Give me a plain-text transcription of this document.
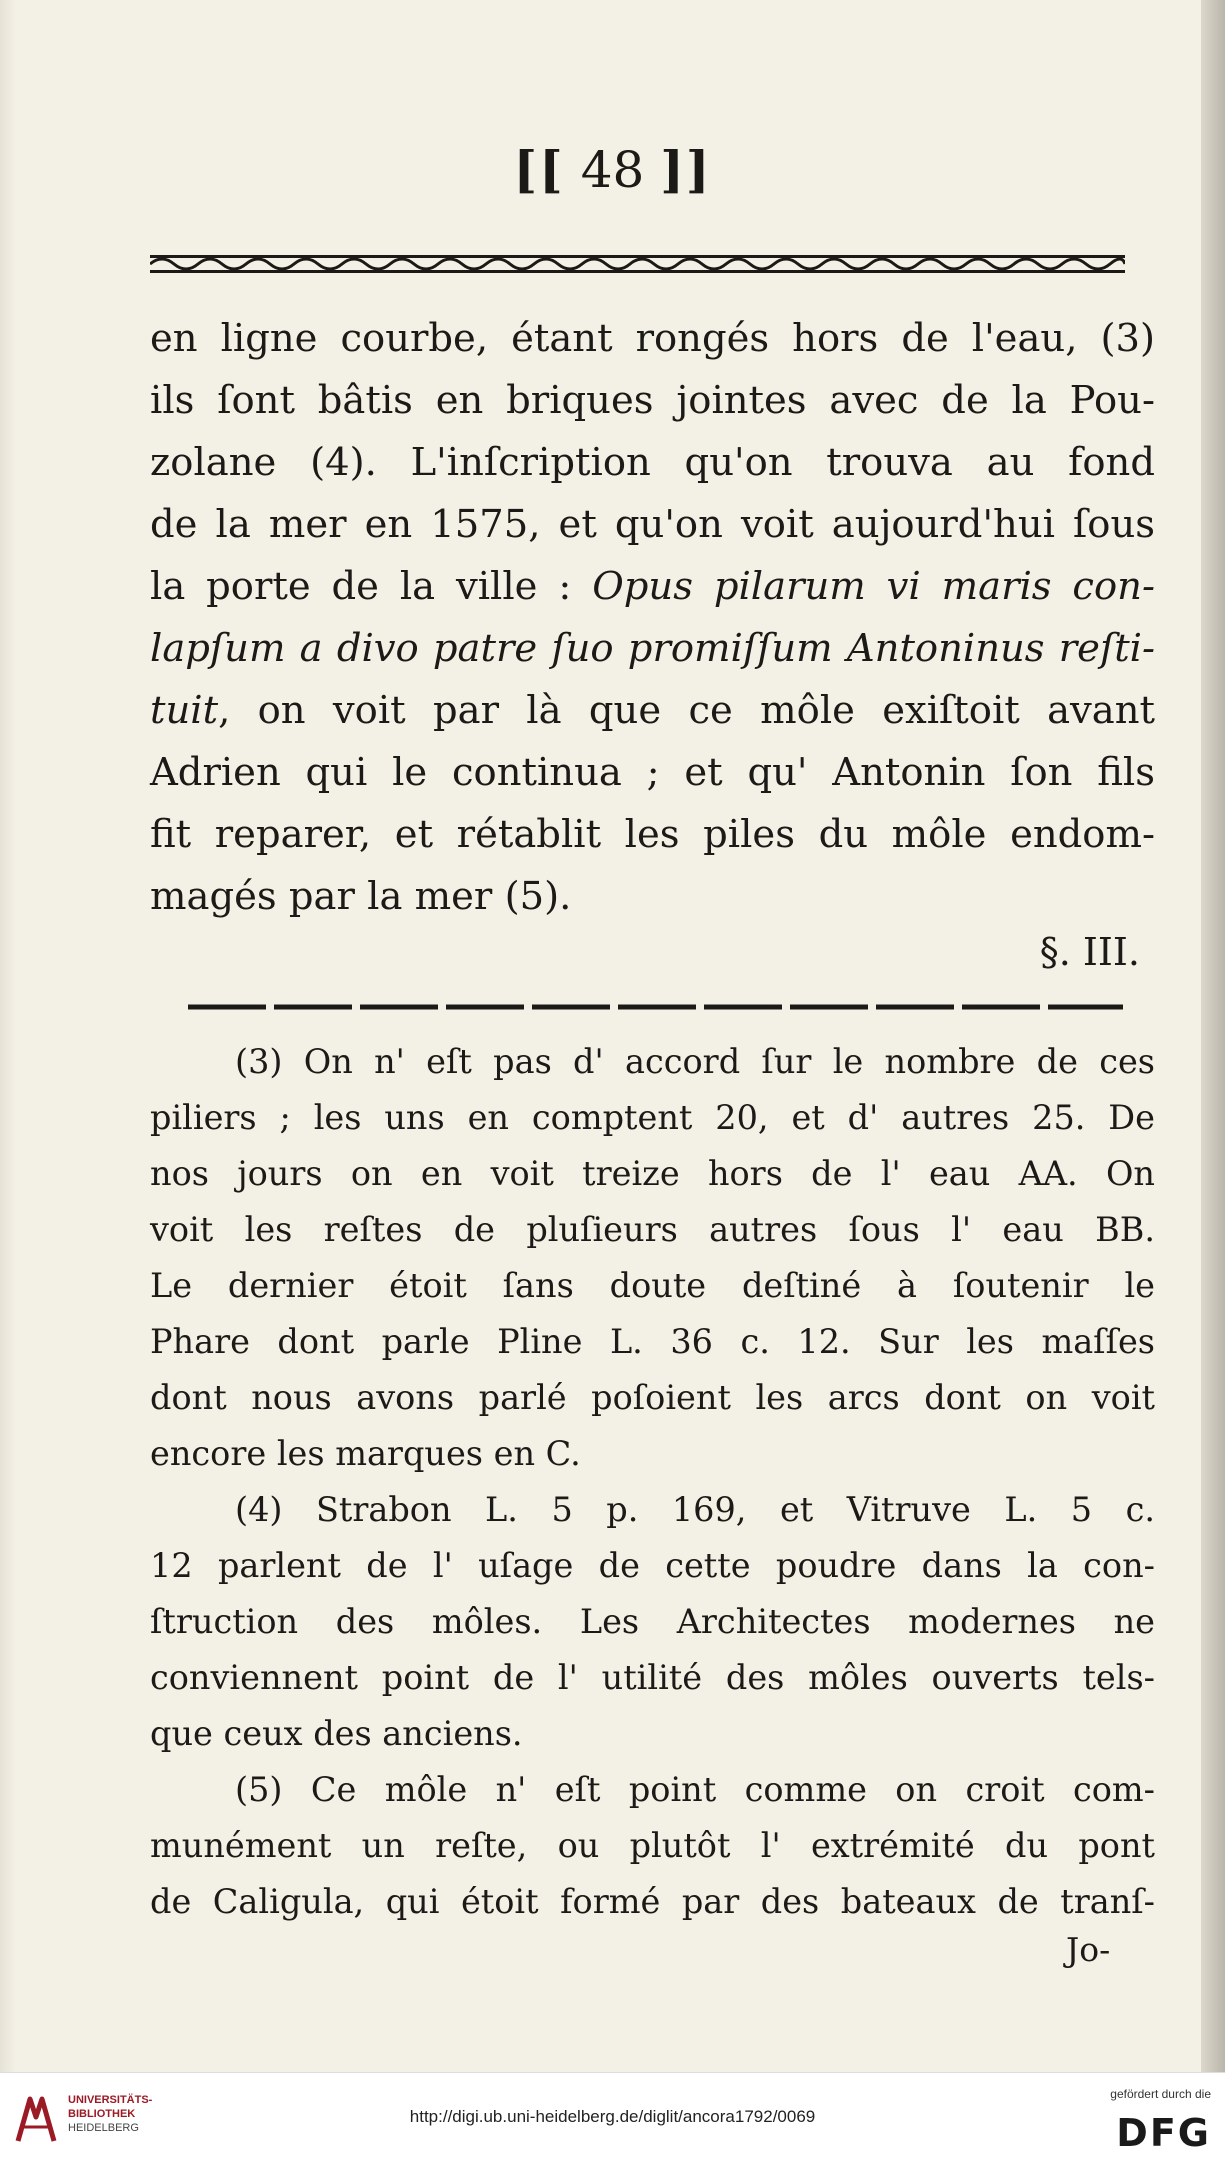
[[ 48 ]]
en ligne courbe, étant rongés hors de l'eau, (3)
ils ſont bâtis en briques jointes avec de la Pou-
zolane (4). L'inſcription qu'on trouva au fond
de la mer en 1575, et qu'on voit aujourd'hui ſous
la porte de la ville : Opus pilarum vi maris con-
lapſum a divo patre ſuo promiſſum Antoninus reſti-
tuit, on voit par là que ce môle exiſtoit avant
Adrien qui le continua ; et qu' Antonin ſon fils
fit reparer, et rétablit les piles du môle endom-
magés par la mer (5).
§. III.
(3) On n' eſt pas d' accord ſur le nombre de ces
piliers ; les uns en comptent 20, et d' autres 25. De
nos jours on en voit treize hors de l' eau AA. On
voit les reſtes de pluſieurs autres ſous l' eau BB.
Le dernier étoit ſans doute deſtiné à ſoutenir le
Phare dont parle Pline L. 36 c. 12. Sur les maſſes
dont nous avons parlé poſoient les arcs dont on voit
encore les marques en C.
(4) Strabon L. 5 p. 169, et Vitruve L. 5 c.
12 parlent de l' uſage de cette poudre dans la con-
ſtruction des môles. Les Architectes modernes ne
conviennent point de l' utilité des môles ouverts tels-
que ceux des anciens.
(5) Ce môle n' eſt point comme on croit com-
munément un reſte, ou plutôt l' extrémité du pont
de Caligula, qui étoit formé par des bateaux de tranſ-
Jo-
UNIVERSITÄTS-
BIBLIOTHEK
HEIDELBERG
http://digi.ub.uni-heidelberg.de/diglit/ancora1792/0069
gefördert durch die
DFG
